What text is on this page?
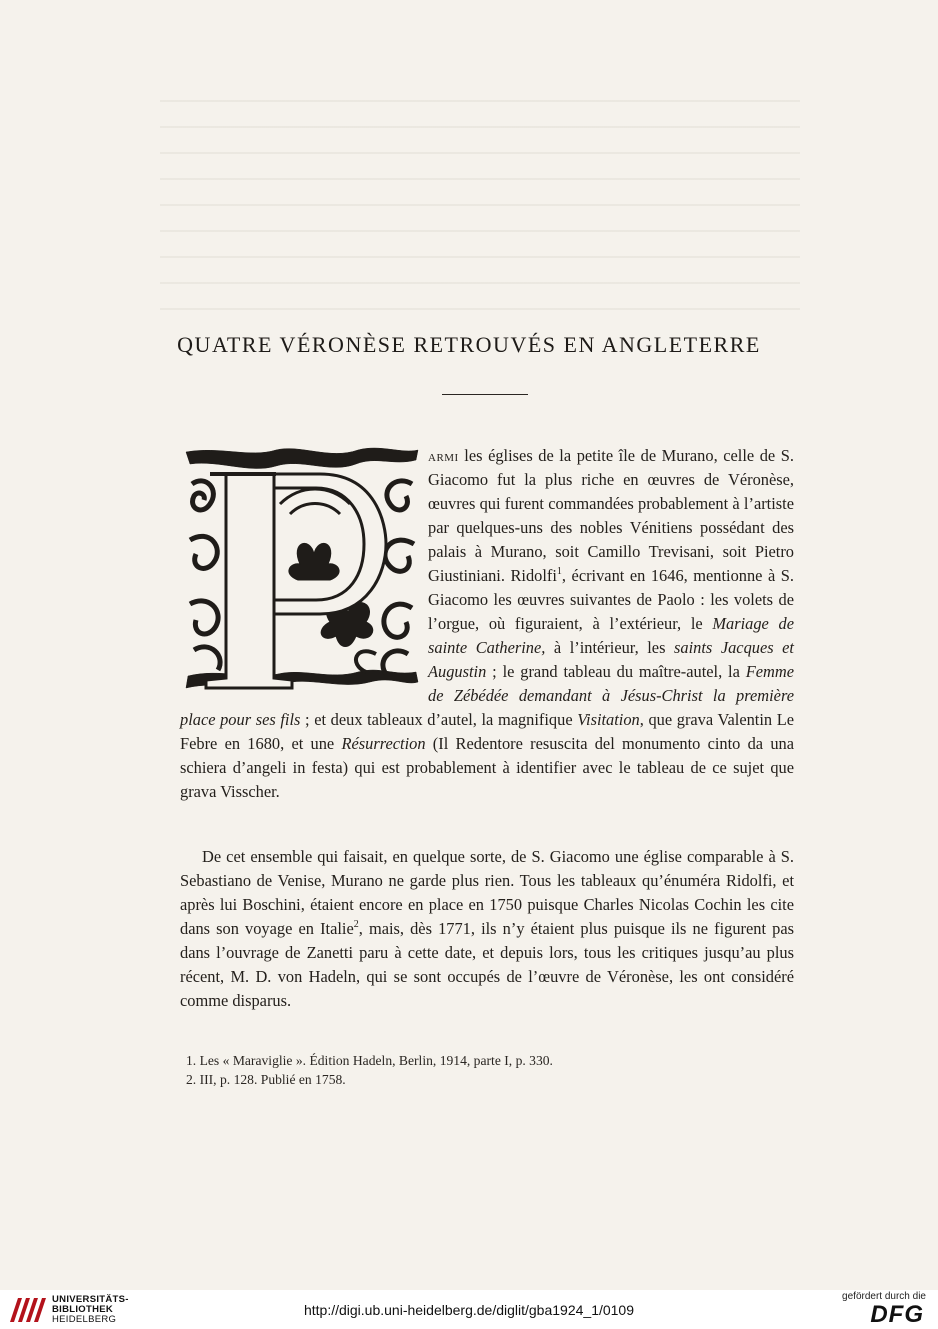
QUATRE VÉRONÈSE RETROUVÉS EN ANGLETERRE

armi les églises de la petite île de Murano, celle de S. Giacomo fut la plus riche en œuvres de Véronèse, œuvres qui furent commandées probablement à l’artiste par quelques-uns des nobles Vénitiens possédant des palais à Murano, soit Camillo Trevisani, soit Pietro Giustiniani. Ridolfi$^1$, écrivant en 1646, mentionne à S. Giacomo les œuvres suivantes de Paolo : les volets de l’orgue, où figuraient, à l’extérieur, le Mariage de sainte Catherine, à l’intérieur, les saints Jacques et Augustin ; le grand tableau du maître-autel, la Femme de Zébédée demandant à Jésus-Christ la première place pour ses fils ; et deux tableaux d’autel, la magnifique Visitation, que grava Valentin Le Febre en 1680, et une Résurrection (Il Redentore resuscita del monumento cinto da una schiera d’angeli in festa) qui est probablement à identifier avec le tableau de ce sujet que grava Visscher.

De cet ensemble qui faisait, en quelque sorte, de S. Giacomo une église comparable à S. Sebastiano de Venise, Murano ne garde plus rien. Tous les tableaux qu’énuméra Ridolfi, et après lui Boschini, étaient encore en place en 1750 puisque Charles Nicolas Cochin les cite dans son voyage en Italie$^2$, mais, dès 1771, ils n’y étaient plus puisque ils ne figurent pas dans l’ouvrage de Zanetti paru à cette date, et depuis lors, tous les critiques jusqu’au plus récent, M. D. von Hadeln, qui se sont occupés de l’œuvre de Véronèse, les ont considéré comme disparus.

1. Les « Maraviglie ». Édition Hadeln, Berlin, 1914, parte I, p. 330.

2. III, p. 128. Publié en 1758.

UNIVERSITÄTS-
BIBLIOTHEK
HEIDELBERG
http://digi.ub.uni-heidelberg.de/diglit/gba1924_1/0109
gefördert durch die
DFG
